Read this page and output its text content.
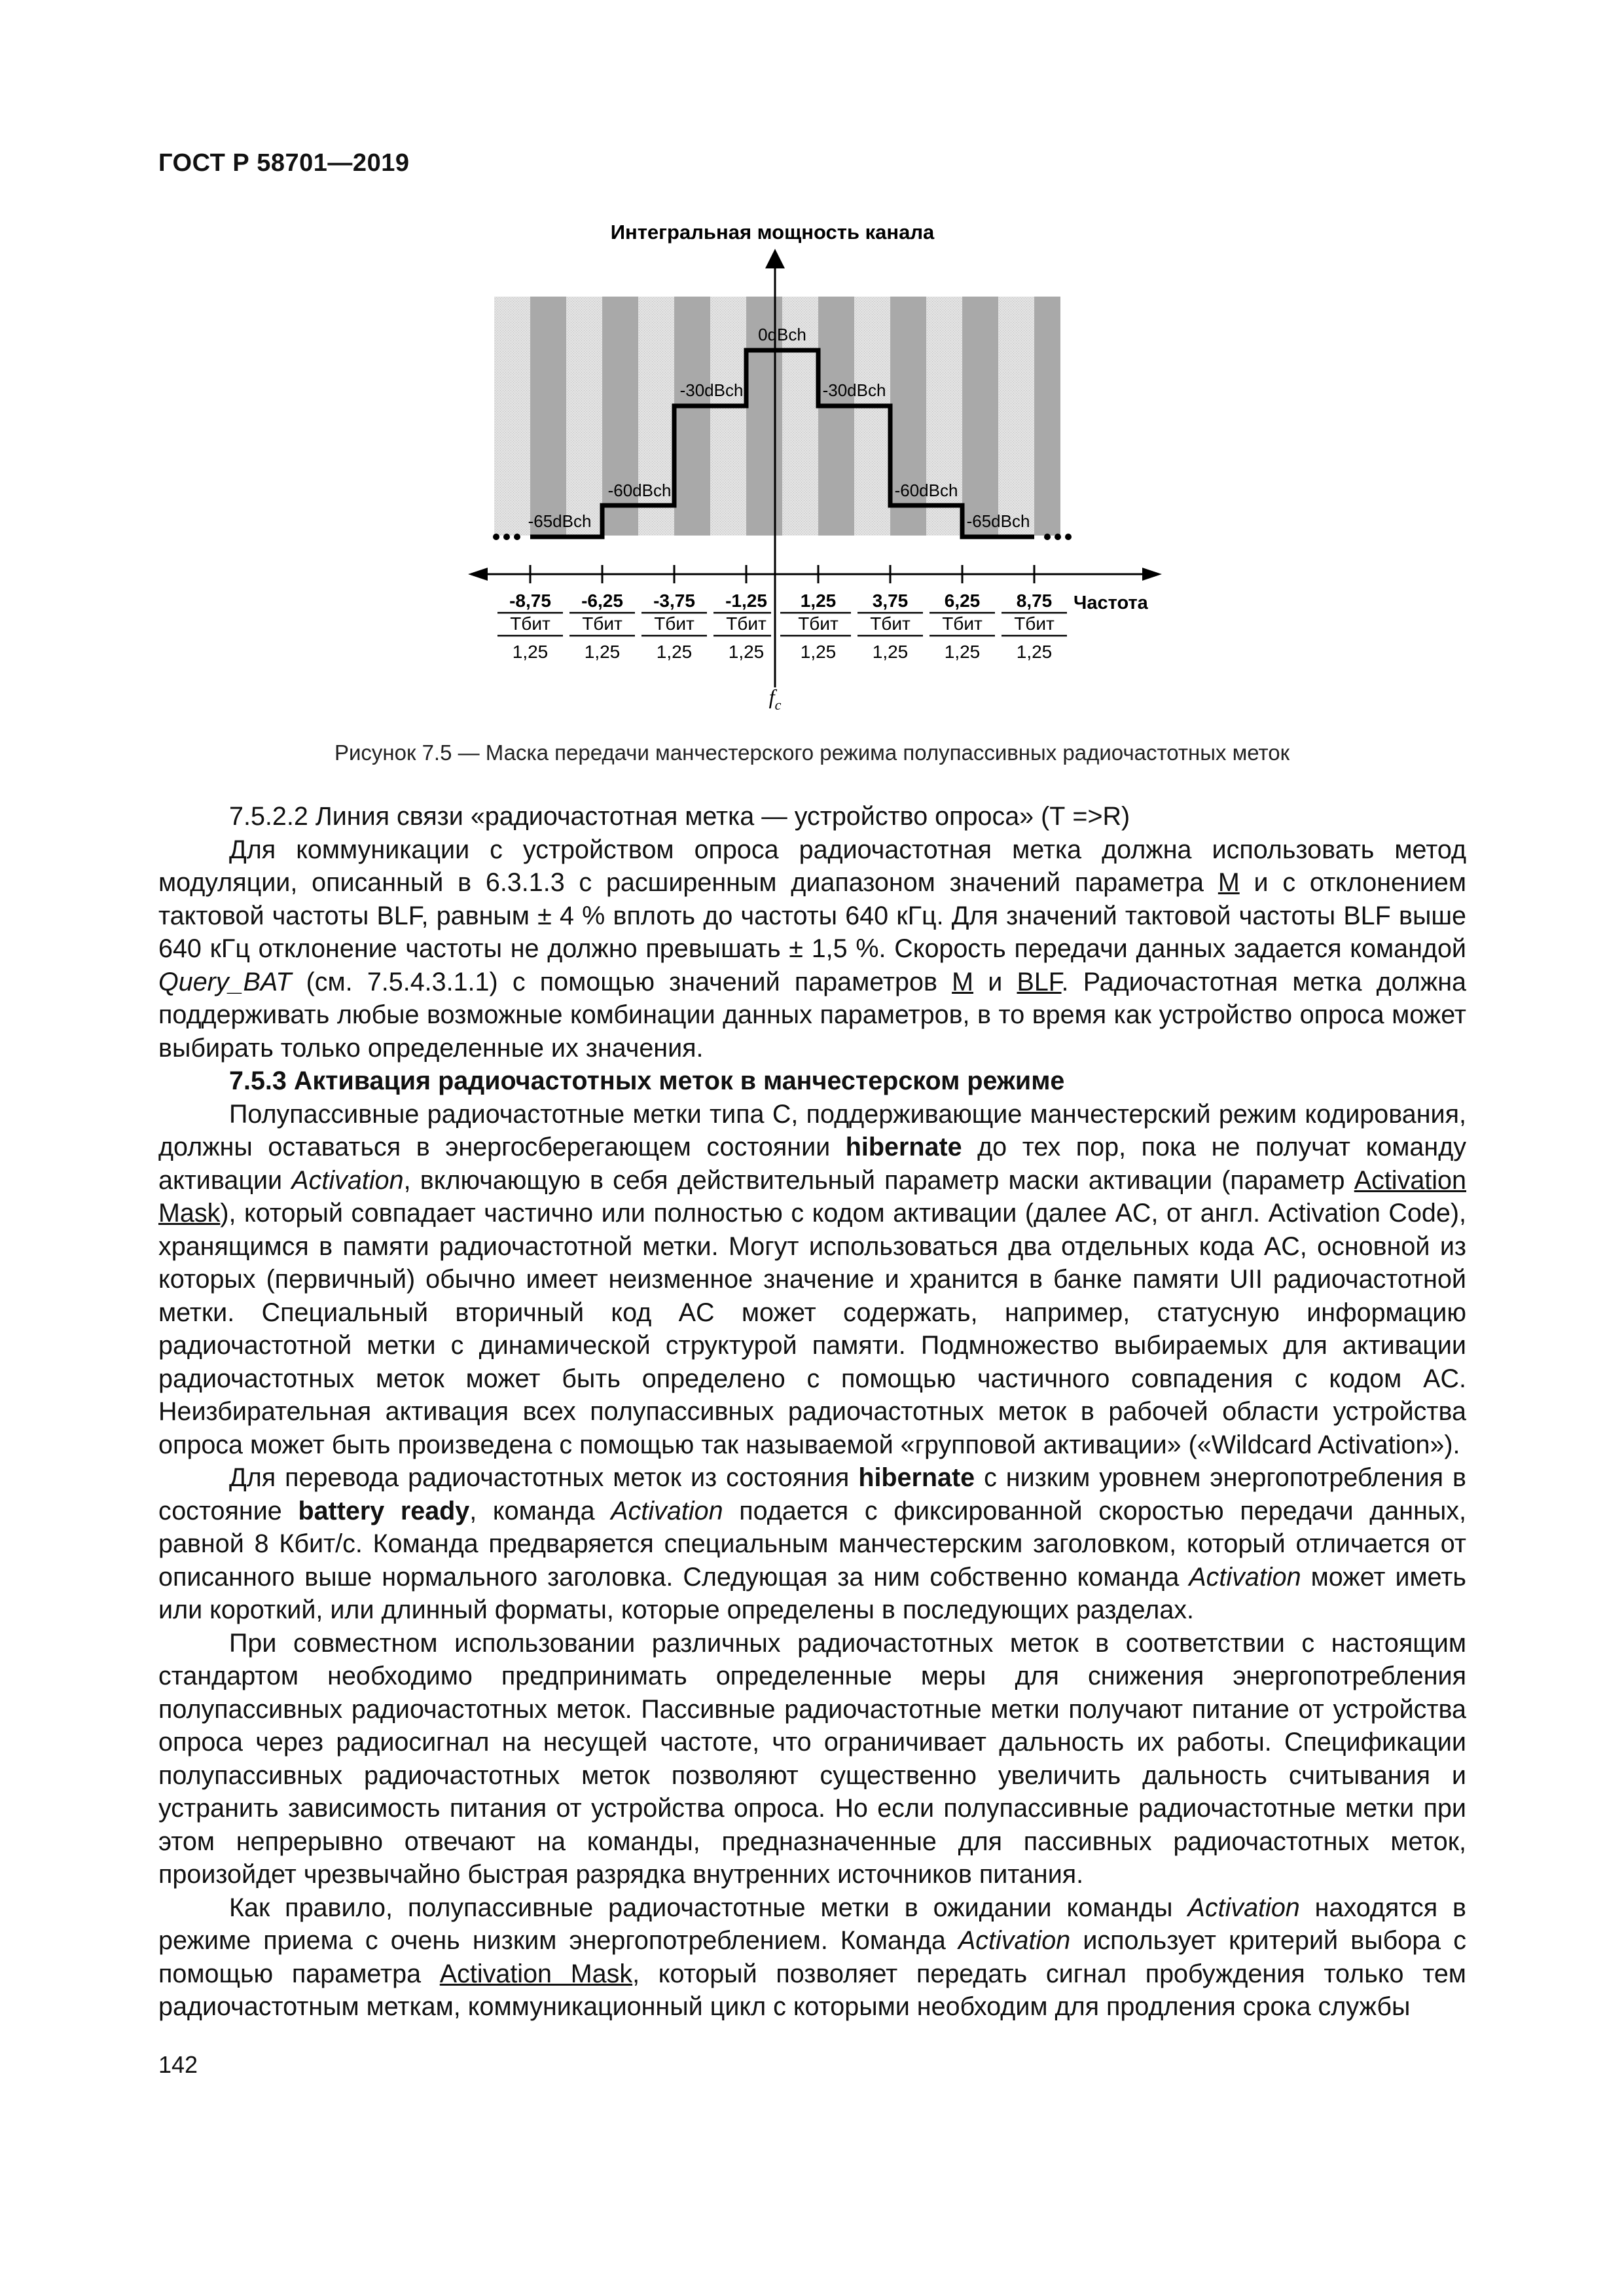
ГОСТ Р 58701—2019
Интегральная мощность канала
0dBch
-30dBch	-30dBch
-60dBch	-60dBch
-65dBch	-65dBch
-8,75
Тбит
1,25
-6,25
Тбит
1,25
-3,75
Тбит
1,25
-1,25
Тбит
1,25
1,25
Тбит
1,25
3,75
Тбит
1,25
6,25
Тбит
1,25
8,75
Тбит
1,25
Частота
$f_c$
Рисунок 7.5 — Маска передачи манчестерского режима полупассивных радиочастотных меток

7.5.2.2 Линия связи «радиочастотная метка — устройство опроса» (Т =>R)

Для коммуникации с устройством опроса радиочастотная метка должна использовать метод модуляции, описанный в 6.3.1.3 с расширенным диапазоном значений параметра M и с отклонением тактовой частоты BLF, равным ± 4 % вплоть до частоты 640 кГц. Для значений тактовой частоты BLF выше 640 кГц отклонение частоты не должно превышать ± 1,5 %. Скорость передачи данных задается командой Query_BAT (см. 7.5.4.3.1.1) с помощью значений параметров M и BLF. Радиочастотная метка должна поддерживать любые возможные комбинации данных параметров, в то время как устройство опроса может выбирать только определенные их значения.

7.5.3 Активация радиочастотных меток в манчестерском режиме

Полупассивные радиочастотные метки типа C, поддерживающие манчестерский режим кодирования, должны оставаться в энергосберегающем состоянии hibernate до тех пор, пока не получат команду активации Activation, включающую в себя действительный параметр маски активации (параметр Activation Mask), который совпадает частично или полностью с кодом активации (далее AC, от англ. Activation Code), хранящимся в памяти радиочастотной метки. Могут использоваться два отдельных кода AC, основной из которых (первичный) обычно имеет неизменное значение и хранится в банке памяти UII радиочастотной метки. Специальный вторичный код AC может содержать, например, статусную информацию радиочастотной метки с динамической структурой памяти. Подмножество выбираемых для активации радиочастотных меток может быть определено с помощью частичного совпадения с кодом AC. Неизбирательная активация всех полупассивных радиочастотных меток в рабочей области устройства опроса может быть произведена с помощью так называемой «групповой активации» («Wildcard Activation»).

Для перевода радиочастотных меток из состояния hibernate с низким уровнем энергопотребления в состояние battery ready, команда Activation подается с фиксированной скоростью передачи данных, равной 8 Кбит/с. Команда предваряется специальным манчестерским заголовком, который отличается от описанного выше нормального заголовка. Следующая за ним собственно команда Activation может иметь или короткий, или длинный форматы, которые определены в последующих разделах.

При совместном использовании различных радиочастотных меток в соответствии с настоящим стандартом необходимо предпринимать определенные меры для снижения энергопотребления полупассивных радиочастотных меток. Пассивные радиочастотные метки получают питание от устройства опроса через радиосигнал на несущей частоте, что ограничивает дальность их работы. Спецификации полупассивных радиочастотных меток позволяют существенно увеличить дальность считывания и устранить зависимость питания от устройства опроса. Но если полупассивные радиочастотные метки при этом непрерывно отвечают на команды, предназначенные для пассивных радиочастотных меток, произойдет чрезвычайно быстрая разрядка внутренних источников питания.

Как правило, полупассивные радиочастотные метки в ожидании команды Activation находятся в режиме приема с очень низким энергопотреблением. Команда Activation использует критерий выбора с помощью параметра Activation Mask, который позволяет передать сигнал пробуждения только тем радиочастотным меткам, коммуникационный цикл с которыми необходим для продления срока службы

142
